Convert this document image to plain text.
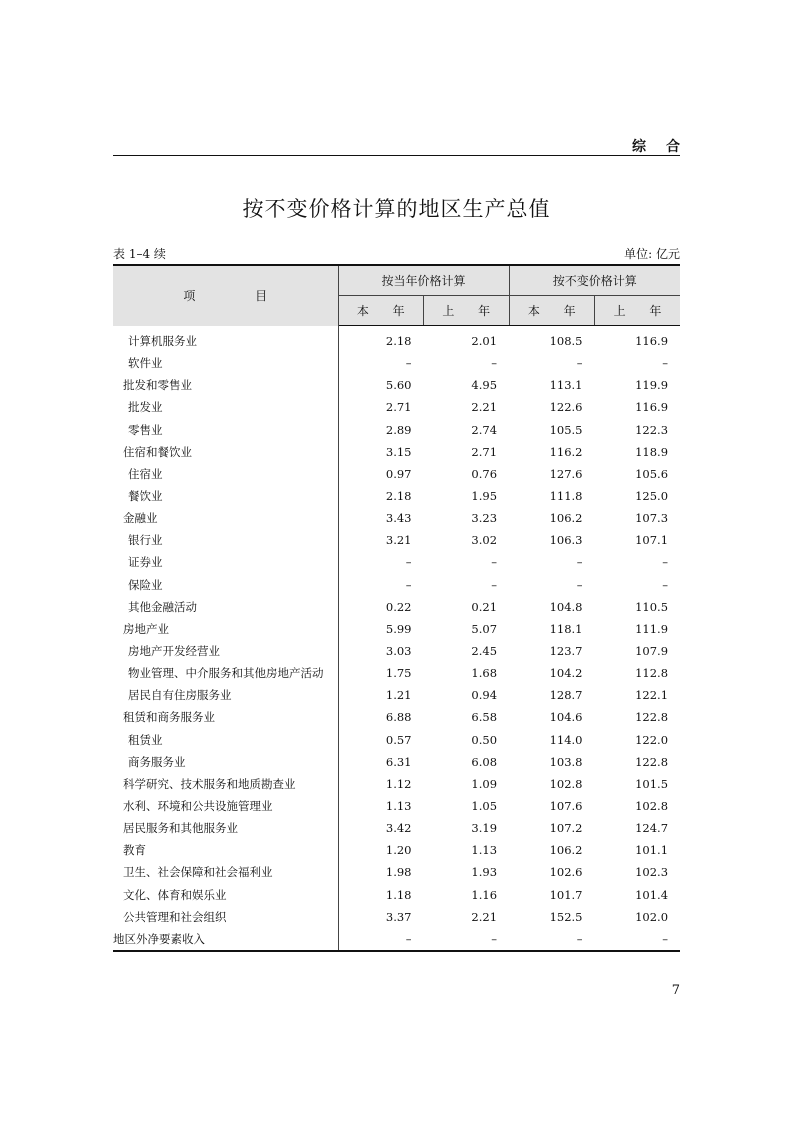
综合
按不变价格计算的地区生产总值
表 1–4 续	单位: 亿元
项 目	按当年价格计算		按不变价格计算	
	本 年	上 年	本 年	上 年
计算机服务业	2.18	2.01	108.5	116.9
软件业	–	–	–	–
批发和零售业	5.60	4.95	113.1	119.9
批发业	2.71	2.21	122.6	116.9
零售业	2.89	2.74	105.5	122.3
住宿和餐饮业	3.15	2.71	116.2	118.9
住宿业	0.97	0.76	127.6	105.6
餐饮业	2.18	1.95	111.8	125.0
金融业	3.43	3.23	106.2	107.3
银行业	3.21	3.02	106.3	107.1
证券业	–	–	–	–
保险业	–	–	–	–
其他金融活动	0.22	0.21	104.8	110.5
房地产业	5.99	5.07	118.1	111.9
房地产开发经营业	3.03	2.45	123.7	107.9
物业管理、中介服务和其他房地产活动	1.75	1.68	104.2	112.8
居民自有住房服务业	1.21	0.94	128.7	122.1
租赁和商务服务业	6.88	6.58	104.6	122.8
租赁业	0.57	0.50	114.0	122.0
商务服务业	6.31	6.08	103.8	122.8
科学研究、技术服务和地质勘查业	1.12	1.09	102.8	101.5
水利、环境和公共设施管理业	1.13	1.05	107.6	102.8
居民服务和其他服务业	3.42	3.19	107.2	124.7
教育	1.20	1.13	106.2	101.1
卫生、社会保障和社会福利业	1.98	1.93	102.6	102.3
文化、体育和娱乐业	1.18	1.16	101.7	101.4
公共管理和社会组织	3.37	2.21	152.5	102.0
地区外净要素收入	–	–	–	–
7
